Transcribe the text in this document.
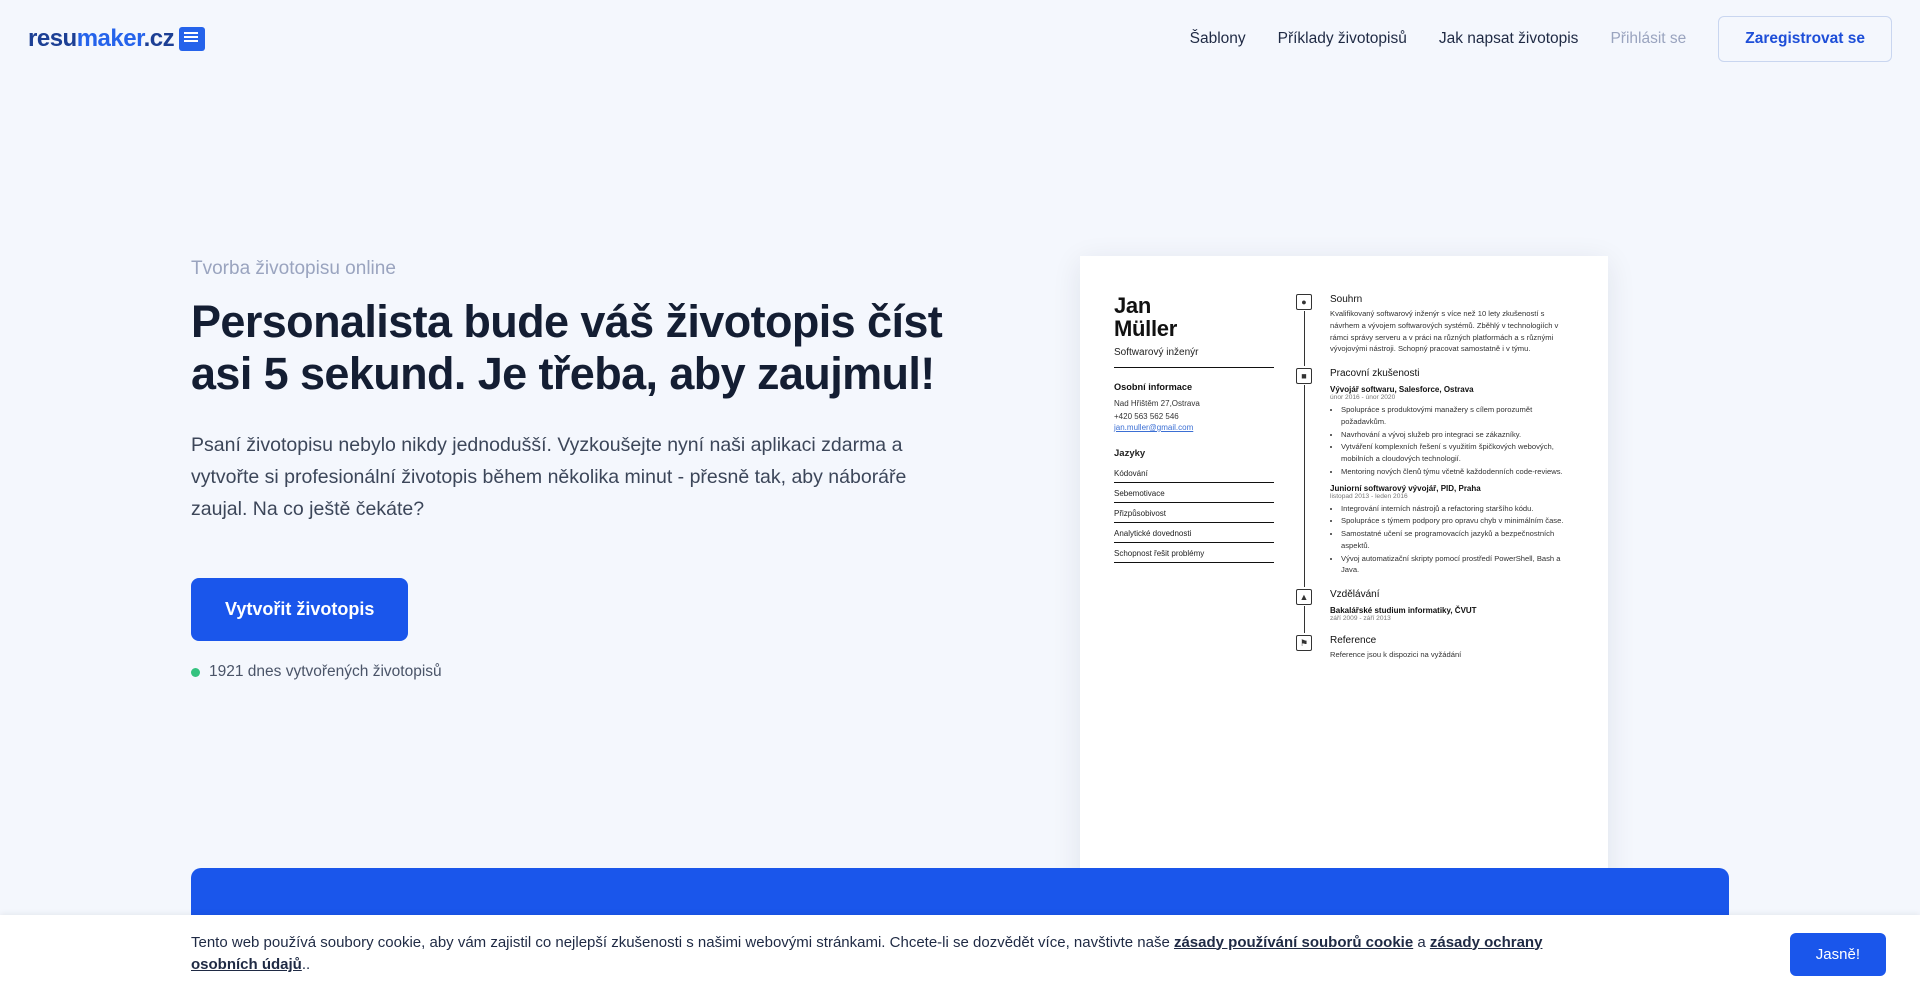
resumaker.cz	Šablony	Příklady životopisů	Jak napsat životopis	Přihlásit se	Zaregistrovat se
Tvorba životopisu online
Personalista bude váš životopis číst asi 5 sekund. Je třeba, aby zaujmul!

Psaní životopisu nebylo nikdy jednodušší. Vyzkoušejte nyní naši aplikaci zdarma a vytvořte si profesionální životopis během několika minut - přesně tak, aby náboráře zaujal. Na co ještě čekáte?

Vytvořit životopis
1921 dnes vytvořených životopisů
Jan
Müller
Softwarový inženýr
Osobní informace
Nad Hřištěm 27,Ostrava
+420 563 562 546
jan.muller@gmail.com
Jazyky
Kódování
Sebemotivace
Přizpůsobivost
Analytické dovednosti
Schopnost řešit problémy
●	Souhrn
Kvalifikovaný softwarový inženýr s více než 10 lety zkušeností s návrhem a vývojem softwarových systémů. Zběhlý v technologiích v rámci správy serveru a v práci na různých platformách a s různými vývojovými nástroji. Schopný pracovat samostatně i v týmu.
■	Pracovní zkušenosti
Vývojář softwaru, Salesforce, Ostrava
únor 2016 - únor 2020
• Spolupráce s produktovými manažery s cílem porozumět požadavkům.
• Navrhování a vývoj služeb pro integraci se zákazníky.
• Vytváření komplexních řešení s využitím špičkových webových, mobilních a cloudových technologií.
• Mentoring nových členů týmu včetně každodenních code-reviews.
Juniorní softwarový vývojář, PID, Praha
listopad 2013 - leden 2016
• Integrování interních nástrojů a refactoring staršího kódu.
• Spolupráce s týmem podpory pro opravu chyb v minimálním čase.
• Samostatné učení se programovacích jazyků a bezpečnostních aspektů.
• Vývoj automatizační skripty pomocí prostředí PowerShell, Bash a Java.
▲	Vzdělávání
Bakalářské studium informatiky, ČVUT
září 2009 - září 2013
⚑	Reference
Reference jsou k dispozici na vyžádání
Tento web používá soubory cookie, aby vám zajistil co nejlepší zkušenosti s našimi webovými stránkami. Chcete-li se dozvědět více, navštivte naše zásady používání souborů cookie a zásady ochrany osobních údajů..
Jasně!
